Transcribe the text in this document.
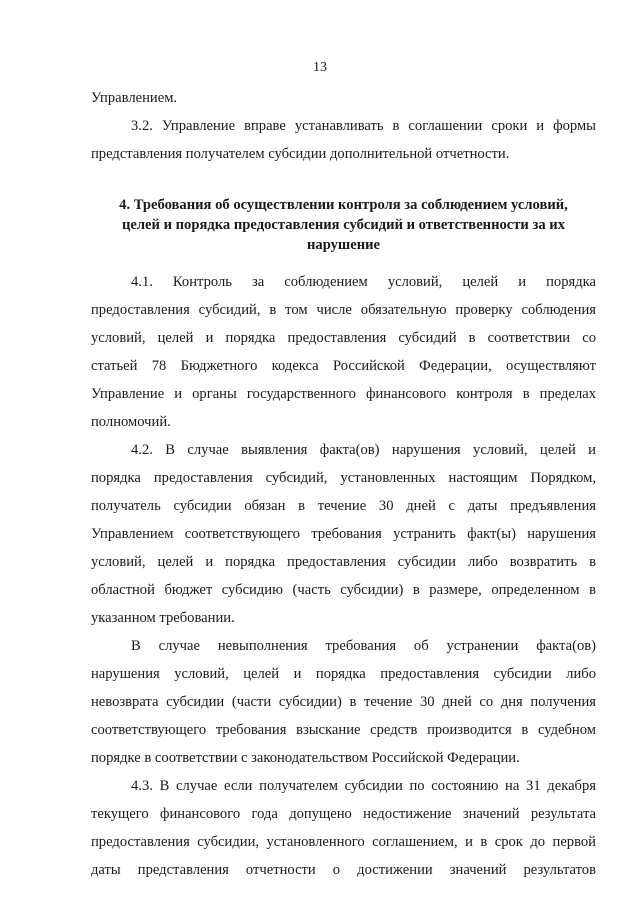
13
Управлением.
3.2. Управление вправе устанавливать в соглашении сроки и формы
представления получателем субсидии дополнительной отчетности.
4. Требования об осуществлении контроля за соблюдением условий,
целей и порядка предоставления субсидий и ответственности за их
нарушение
4.1. Контроль за соблюдением условий, целей и порядка
предоставления субсидий, в том числе обязательную проверку соблюдения
условий, целей и порядка предоставления субсидий в соответствии со
статьей 78 Бюджетного кодекса Российской Федерации, осуществляют
Управление и органы государственного финансового контроля в пределах
полномочий.
4.2. В случае выявления факта(ов) нарушения условий, целей и
порядка предоставления субсидий, установленных настоящим Порядком,
получатель субсидии обязан в течение 30 дней с даты предъявления
Управлением соответствующего требования устранить факт(ы) нарушения
условий, целей и порядка предоставления субсидии либо возвратить в
областной бюджет субсидию (часть субсидии) в размере, определенном в
указанном требовании.
В случае невыполнения требования об устранении факта(ов)
нарушения условий, целей и порядка предоставления субсидии либо
невозврата субсидии (части субсидии) в течение 30 дней со дня получения
соответствующего требования взыскание средств производится в судебном
порядке в соответствии с законодательством Российской Федерации.
4.3. В случае если получателем субсидии по состоянию на 31 декабря
текущего финансового года допущено недостижение значений результата
предоставления субсидии, установленного соглашением, и в срок до первой
даты представления отчетности о достижении значений результатов
